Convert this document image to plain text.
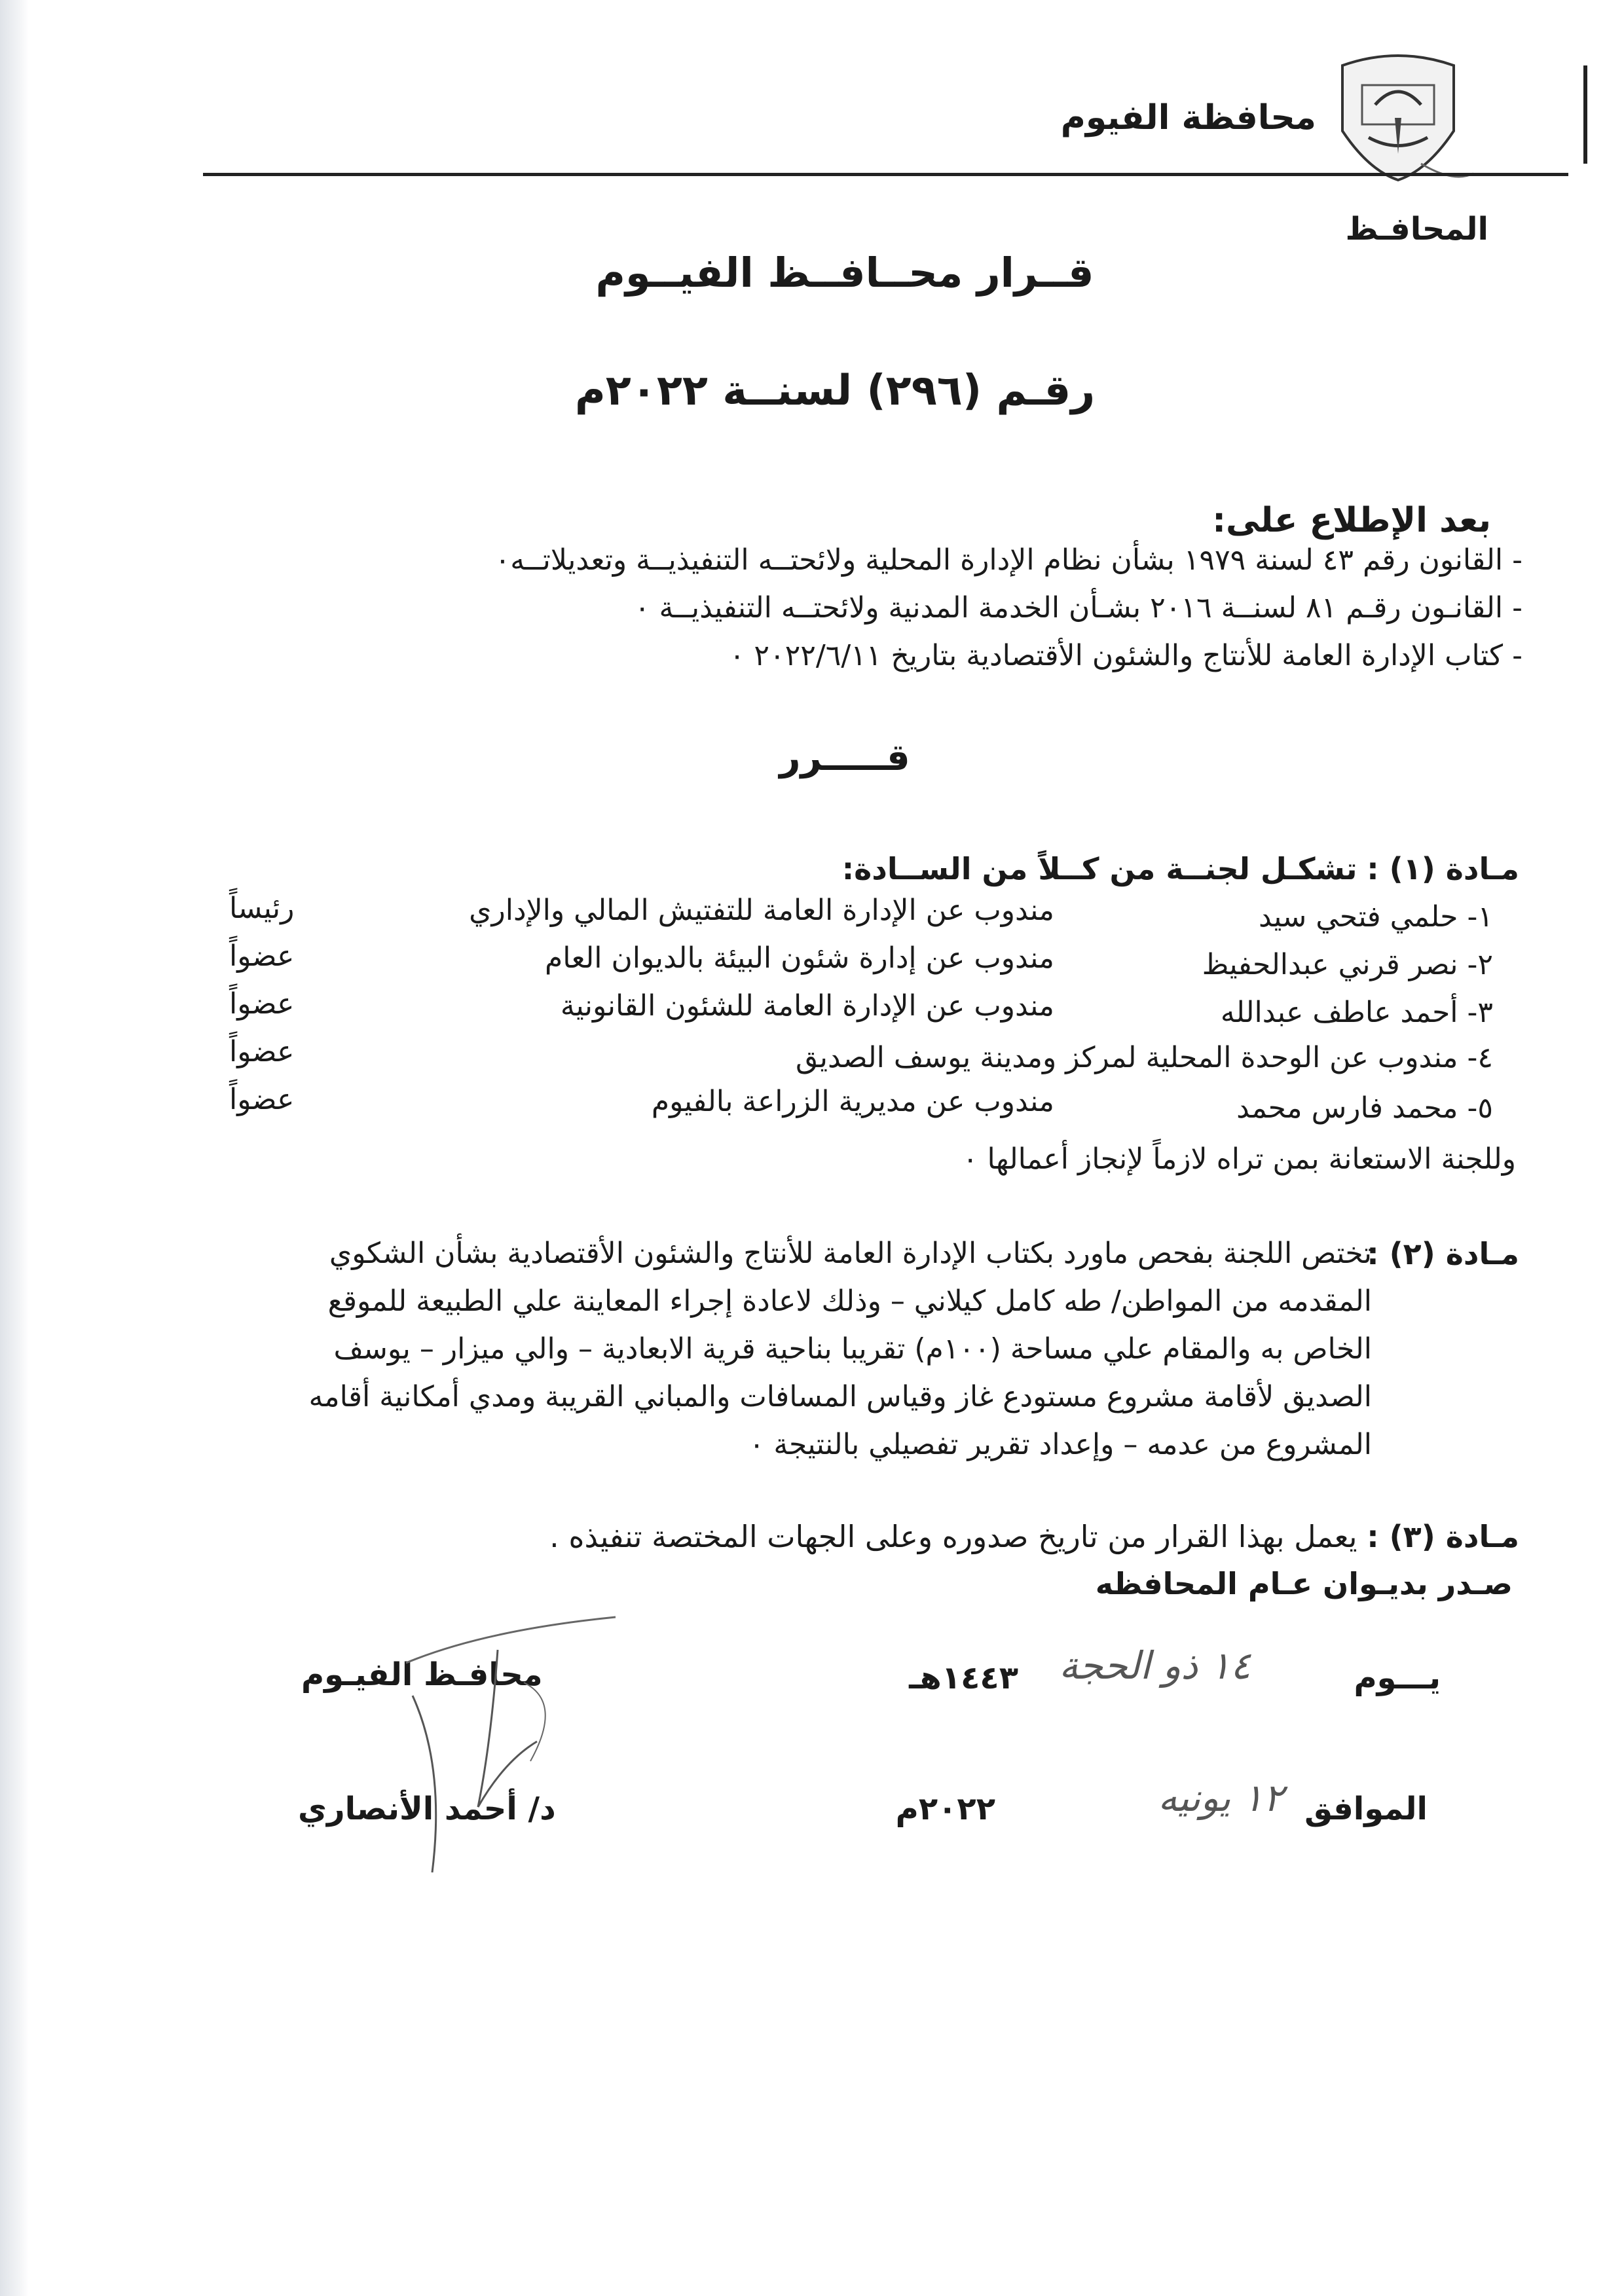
محافظة الفيوم
المحافـظ
قــرار محــافــظ الفيــوم
رقـم (٢٩٦) لسنــة ٢٠٢٢م
بعد الإطلاع على:
- القانون رقم ٤٣ لسنة ١٩٧٩ بشأن نظام الإدارة المحلية ولائحتــه التنفيذيــة وتعديلاتــه٠
- القانـون رقـم ٨١ لسنــة ٢٠١٦ بشـأن الخدمة المدنية ولائحتــه التنفيذيــة ٠
- كتاب الإدارة العامة للأنتاج والشئون الأقتصادية بتاريخ ٢٠٢٢/٦/١١ ٠
قـــــرر
مـادة (١) : تشكـل لجنــة من كــلاً من الســادة:
١- حلمي فتحي سيد
مندوب عن الإدارة العامة للتفتيش المالي والإداري
رئيساً
٢- نصر قرني عبدالحفيظ
مندوب عن إدارة شئون البيئة بالديوان العام
عضواً
٣- أحمد عاطف عبدالله
مندوب عن الإدارة العامة للشئون القانونية
عضواً
٤- مندوب عن الوحدة المحلية لمركز ومدينة يوسف الصديق
عضواً
٥- محمد فارس محمد
مندوب عن مديرية الزراعة بالفيوم
عضواً
وللجنة الاستعانة بمن تراه لازماً لإنجاز أعمالها ٠
مـادة (٢) :
تختص اللجنة بفحص ماورد بكتاب الإدارة العامة للأنتاج والشئون الأقتصادية بشأن الشكوي
المقدمه من المواطن/ طه كامل كيلاني – وذلك لاعادة إجراء المعاينة علي الطبيعة للموقع
الخاص به والمقام علي مساحة (١٠٠م) تقريبا بناحية قرية الابعادية – والي ميزار – يوسف
الصديق لأقامة مشروع مستودع غاز وقياس المسافات والمباني القريبة ومدي أمكانية أقامه
المشروع من عدمه – وإعداد تقرير تفصيلي بالنتيجة ٠
مـادة (٣) : يعمل بهذا القرار من تاريخ صدوره وعلى الجهات المختصة تنفيذه .
صـدر بديـوان عـام المحافظه
يـــوم
١٤ ذو الحجة
١٤٤٣هـ
محافـظ الفيـوم
الموافق
١٢ يونيه
٢٠٢٢م
د/ أحمد الأنصاري
